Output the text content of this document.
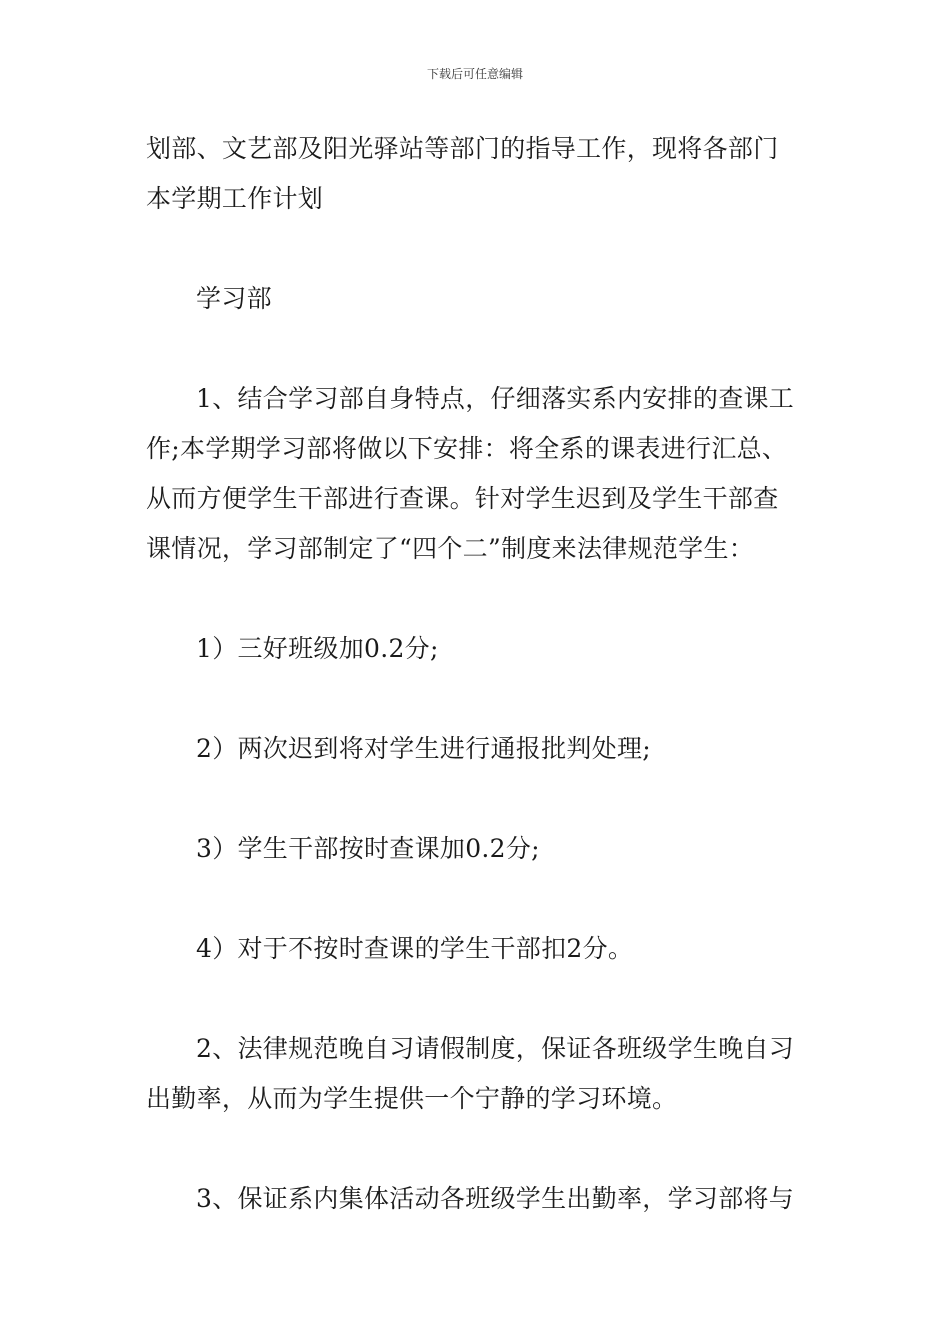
下载后可任意编辑
划部、文艺部及阳光驿站等部门的指导工作，现将各部门
本学期工作计划
学习部
1、结合学习部自身特点，仔细落实系内安排的查课工
作;本学期学习部将做以下安排：将全系的课表进行汇总、
从而方便学生干部进行查课。针对学生迟到及学生干部查
课情况，学习部制定了“四个二”制度来法律规范学生：
1）三好班级加0.2分;
2）两次迟到将对学生进行通报批判处理;
3）学生干部按时查课加0.2分;
4）对于不按时查课的学生干部扣2分。
2、法律规范晚自习请假制度，保证各班级学生晚自习
出勤率，从而为学生提供一个宁静的学习环境。
3、保证系内集体活动各班级学生出勤率，学习部将与
